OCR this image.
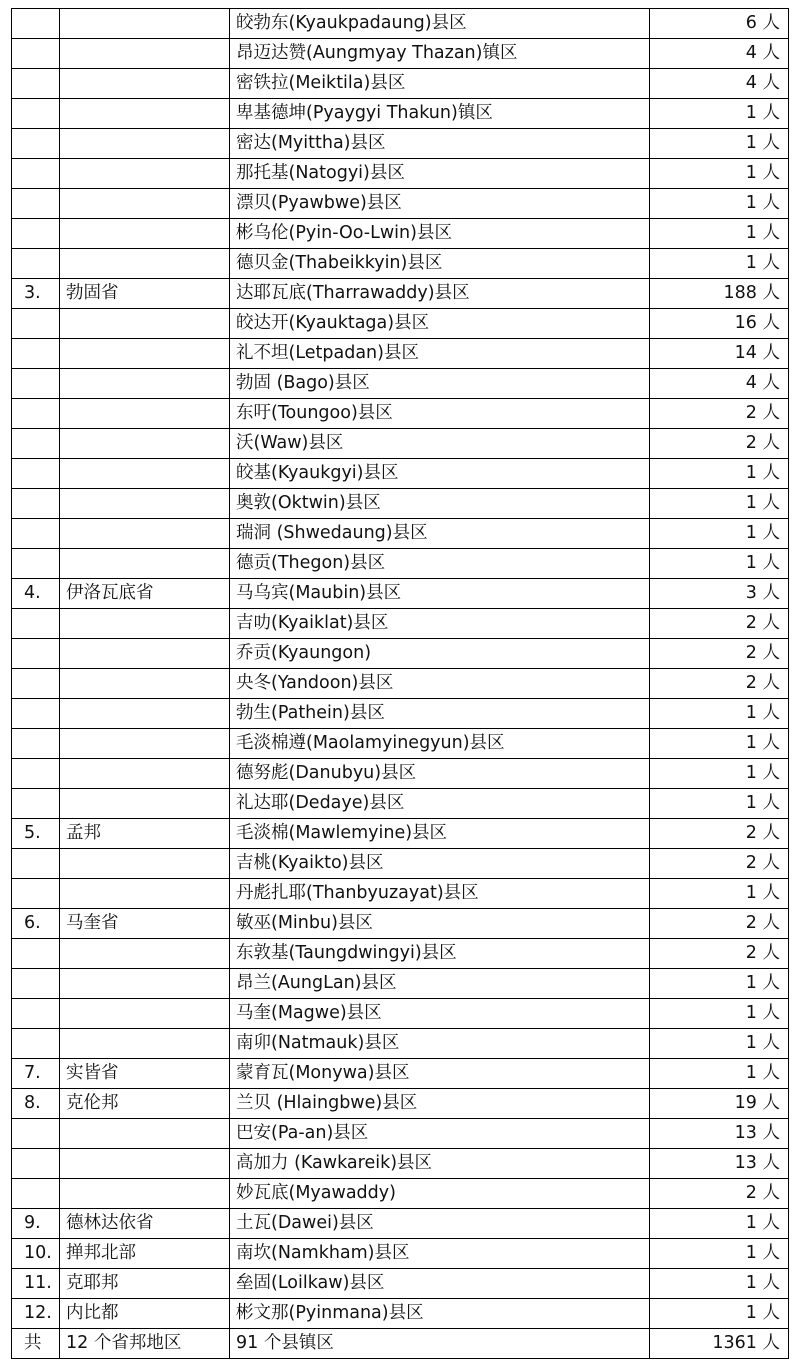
		皎勃东(Kyaukpadaung)县区	6 人
		昂迈达赞(Aungmyay Thazan)镇区	4 人
		密铁拉(Meiktila)县区	4 人
		卑基德坤(Pyaygyi Thakun)镇区	1 人
		密达(Myittha)县区	1 人
		那托基(Natogyi)县区	1 人
		漂贝(Pyawbwe)县区	1 人
		彬乌伦(Pyin-Oo-Lwin)县区	1 人
		德贝金(Thabeikkyin)县区	1 人
3.	勃固省	达耶瓦底(Tharrawaddy)县区	188 人
		皎达开(Kyauktaga)县区	16 人
		礼不坦(Letpadan)县区	14 人
		勃固 (Bago)县区	4 人
		东吁(Toungoo)县区	2 人
		沃(Waw)县区	2 人
		皎基(Kyaukgyi)县区	1 人
		奥敦(Oktwin)县区	1 人
		瑞洞 (Shwedaung)县区	1 人
		德贡(Thegon)县区	1 人
4.	伊洛瓦底省	马乌宾(Maubin)县区	3 人
		吉叻(Kyaiklat)县区	2 人
		乔贡(Kyaungon)	2 人
		央冬(Yandoon)县区	2 人
		勃生(Pathein)县区	1 人
		毛淡棉遵(Maolamyinegyun)县区	1 人
		德努彪(Danubyu)县区	1 人
		礼达耶(Dedaye)县区	1 人
5.	孟邦	毛淡棉(Mawlemyine)县区	2 人
		吉桃(Kyaikto)县区	2 人
		丹彪扎耶(Thanbyuzayat)县区	1 人
6.	马奎省	敏巫(Minbu)县区	2 人
		东敦基(Taungdwingyi)县区	2 人
		昂兰(AungLan)县区	1 人
		马奎(Magwe)县区	1 人
		南卯(Natmauk)县区	1 人
7.	实皆省	蒙育瓦(Monywa)县区	1 人
8.	克伦邦	兰贝 (Hlaingbwe)县区	19 人
		巴安(Pa-an)县区	13 人
		高加力 (Kawkareik)县区	13 人
		妙瓦底(Myawaddy)	2 人
9.	德林达依省	土瓦(Dawei)县区	1 人
10.	掸邦北部	南坎(Namkham)县区	1 人
11.	克耶邦	垒固(Loilkaw)县区	1 人
12.	内比都	彬文那(Pyinmana)县区	1 人
共	12 个省邦地区	91 个县镇区	1361 人
